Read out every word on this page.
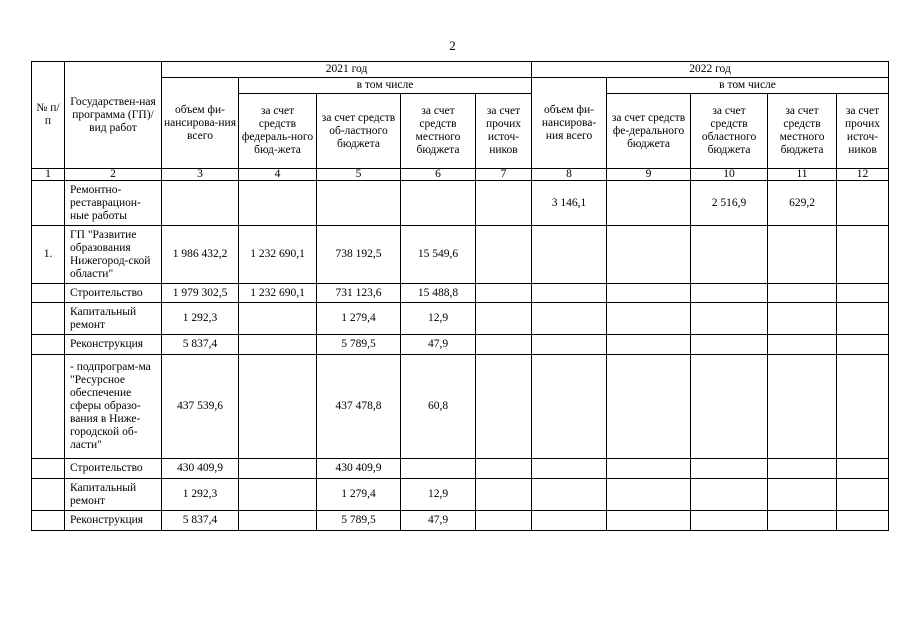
2
№ п/п	Государствен-ная программа (ГП)/ вид работ	2021 год					2022 год				
		объем фи-нансирова-ния всего	в том числе				объем фи-нансирова-ния всего	в том числе			
			за счет средств федераль-ного бюд-жета	за счет средств об-ластного бюджета	за счет средств местного бюджета	за счет прочих источ-ников		за счет средств фе-дерального бюджета	за счет средств областного бюджета	за счет средств местного бюджета	за счет прочих источ-ников
1	2	3	4	5	6	7	8	9	10	11	12
	Ремонтно-реставрацион-ные работы						3 146,1		2 516,9	629,2	
1.	ГП "Развитие образования Нижегород-ской области"	1 986 432,2	1 232 690,1	738 192,5	15 549,6						
	Строительство	1 979 302,5	1 232 690,1	731 123,6	15 488,8						
	Капитальный ремонт	1 292,3		1 279,4	12,9						
	Реконструкция	5 837,4		5 789,5	47,9						
	- подпрограм-ма "Ресурсное обеспечение сферы образо-вания в Ниже-городской об-ласти"	437 539,6		437 478,8	60,8						
	Строительство	430 409,9		430 409,9							
	Капитальный ремонт	1 292,3		1 279,4	12,9						
	Реконструкция	5 837,4		5 789,5	47,9						
